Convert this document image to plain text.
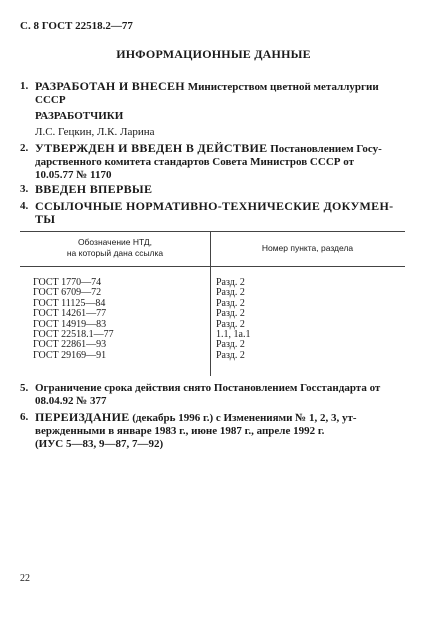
С. 8 ГОСТ 22518.2—77
ИНФОРМАЦИОННЫЕ ДАННЫЕ
1. РАЗРАБОТАН И ВНЕСЕН Министерством цветной металлургии
СССР
РАЗРАБОТЧИКИ
Л.С. Гецкин, Л.К. Ларина
2. УТВЕРЖДЕН И ВВЕДЕН В ДЕЙСТВИЕ Постановлением Госу-
дарственного комитета стандартов Совета Министров СССР от
10.05.77 № 1170
3. ВВЕДЕН ВПЕРВЫЕ
4. ССЫЛОЧНЫЕ НОРМАТИВНО-ТЕХНИЧЕСКИЕ ДОКУМЕН-
ТЫ
Обозначение НТД,
на который дана ссылка	Номер пункта, раздела
ГОСТ 1770—74	Разд. 2
ГОСТ 6709—72	Разд. 2
ГОСТ 11125—84	Разд. 2
ГОСТ 14261—77	Разд. 2
ГОСТ 14919—83	Разд. 2
ГОСТ 22518.1—77	1.1, 1а.1
ГОСТ 22861—93	Разд. 2
ГОСТ 29169—91	Разд. 2
5. Ограничение срока действия снято Постановлением Госстандарта от
08.04.92 № 377
6. ПЕРЕИЗДАНИЕ (декабрь 1996 г.) с Изменениями № 1, 2, 3, ут-
вержденными в январе 1983 г., июне 1987 г., апреле 1992 г.
(ИУС 5—83, 9—87, 7—92)
22
